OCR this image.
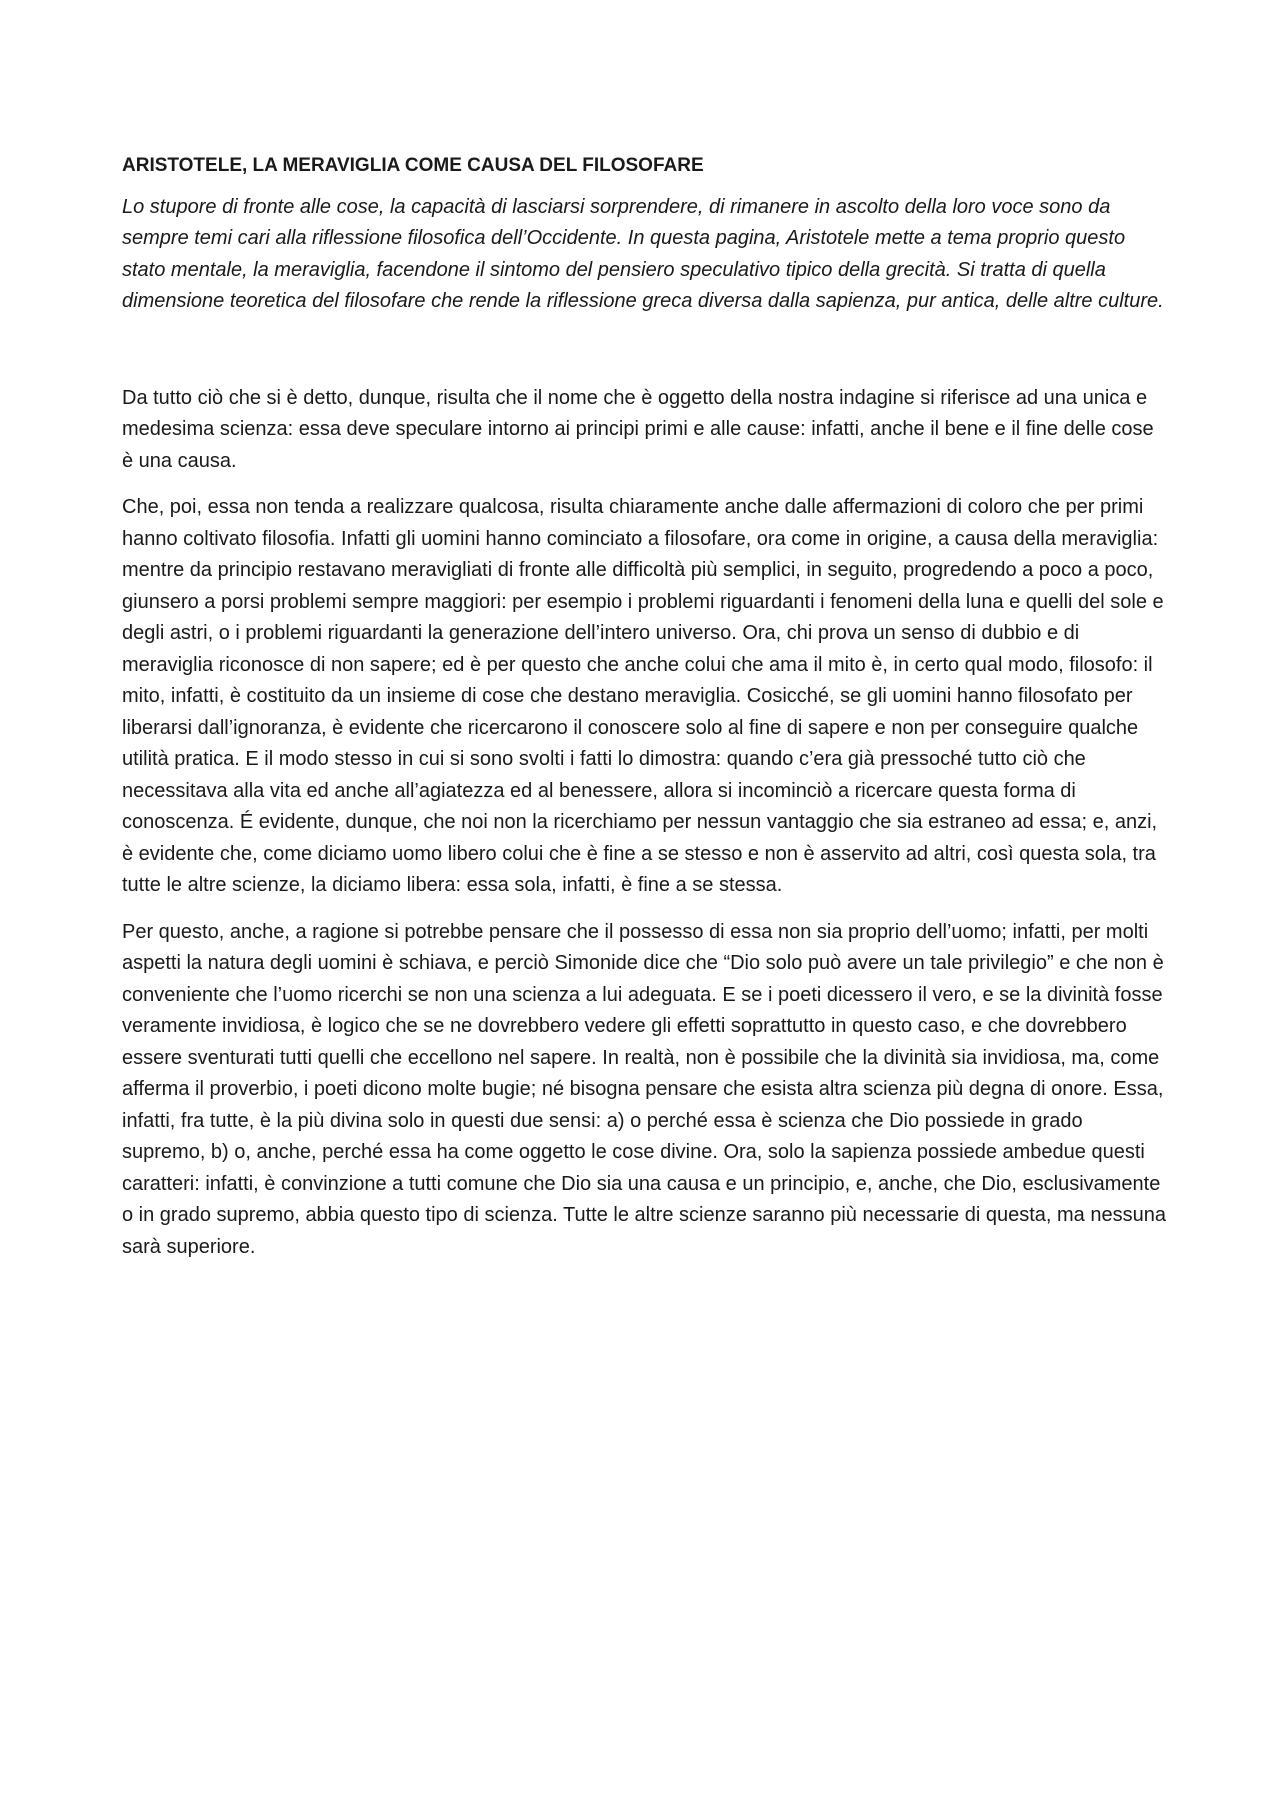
ARISTOTELE, LA MERAVIGLIA COME CAUSA DEL FILOSOFARE

Lo stupore di fronte alle cose, la capacità di lasciarsi sorprendere, di rimanere in ascolto della loro voce sono da sempre temi cari alla riflessione filosofica dell’Occidente. In questa pagina, Aristotele mette a tema proprio questo stato mentale, la meraviglia, facendone il sintomo del pensiero speculativo tipico della grecità. Si tratta di quella dimensione teoretica del filosofare che rende la riflessione greca diversa dalla sapienza, pur antica, delle altre culture.

Da tutto ciò che si è detto, dunque, risulta che il nome che è oggetto della nostra indagine si riferisce ad una unica e medesima scienza: essa deve speculare intorno ai principi primi e alle cause: infatti, anche il bene e il fine delle cose è una causa.

Che, poi, essa non tenda a realizzare qualcosa, risulta chiaramente anche dalle affermazioni di coloro che per primi hanno coltivato filosofia. Infatti gli uomini hanno cominciato a filosofare, ora come in origine, a causa della meraviglia: mentre da principio restavano meravigliati di fronte alle difficoltà più semplici, in seguito, progredendo a poco a poco, giunsero a porsi problemi sempre maggiori: per esempio i problemi riguardanti i fenomeni della luna e quelli del sole e degli astri, o i problemi riguardanti la generazione dell’intero universo. Ora, chi prova un senso di dubbio e di meraviglia riconosce di non sapere; ed è per questo che anche colui che ama il mito è, in certo qual modo, filosofo: il mito, infatti, è costituito da un insieme di cose che destano meraviglia. Cosicché, se gli uomini hanno filosofato per liberarsi dall’ignoranza, è evidente che ricercarono il conoscere solo al fine di sapere e non per conseguire qualche utilità pratica. E il modo stesso in cui si sono svolti i fatti lo dimostra: quando c’era già pressoché tutto ciò che necessitava alla vita ed anche all’agiatezza ed al benessere, allora si incominciò a ricercare questa forma di conoscenza. É evidente, dunque, che noi non la ricerchiamo per nessun vantaggio che sia estraneo ad essa; e, anzi, è evidente che, come diciamo uomo libero colui che è fine a se stesso e non è asservito ad altri, così questa sola, tra tutte le altre scienze, la diciamo libera: essa sola, infatti, è fine a se stessa.

Per questo, anche, a ragione si potrebbe pensare che il possesso di essa non sia proprio dell’uomo; infatti, per molti aspetti la natura degli uomini è schiava, e perciò Simonide dice che “Dio solo può avere un tale privilegio” e che non è conveniente che l’uomo ricerchi se non una scienza a lui adeguata. E se i poeti dicessero il vero, e se la divinità fosse veramente invidiosa, è logico che se ne dovrebbero vedere gli effetti soprattutto in questo caso, e che dovrebbero essere sventurati tutti quelli che eccellono nel sapere. In realtà, non è possibile che la divinità sia invidiosa, ma, come afferma il proverbio, i poeti dicono molte bugie; né bisogna pensare che esista altra scienza più degna di onore. Essa, infatti, fra tutte, è la più divina solo in questi due sensi: a) o perché essa è scienza che Dio possiede in grado supremo, b) o, anche, perché essa ha come oggetto le cose divine. Ora, solo la sapienza possiede ambedue questi caratteri: infatti, è convinzione a tutti comune che Dio sia una causa e un principio, e, anche, che Dio, esclusivamente o in grado supremo, abbia questo tipo di scienza. Tutte le altre scienze saranno più necessarie di questa, ma nessuna sarà superiore.
